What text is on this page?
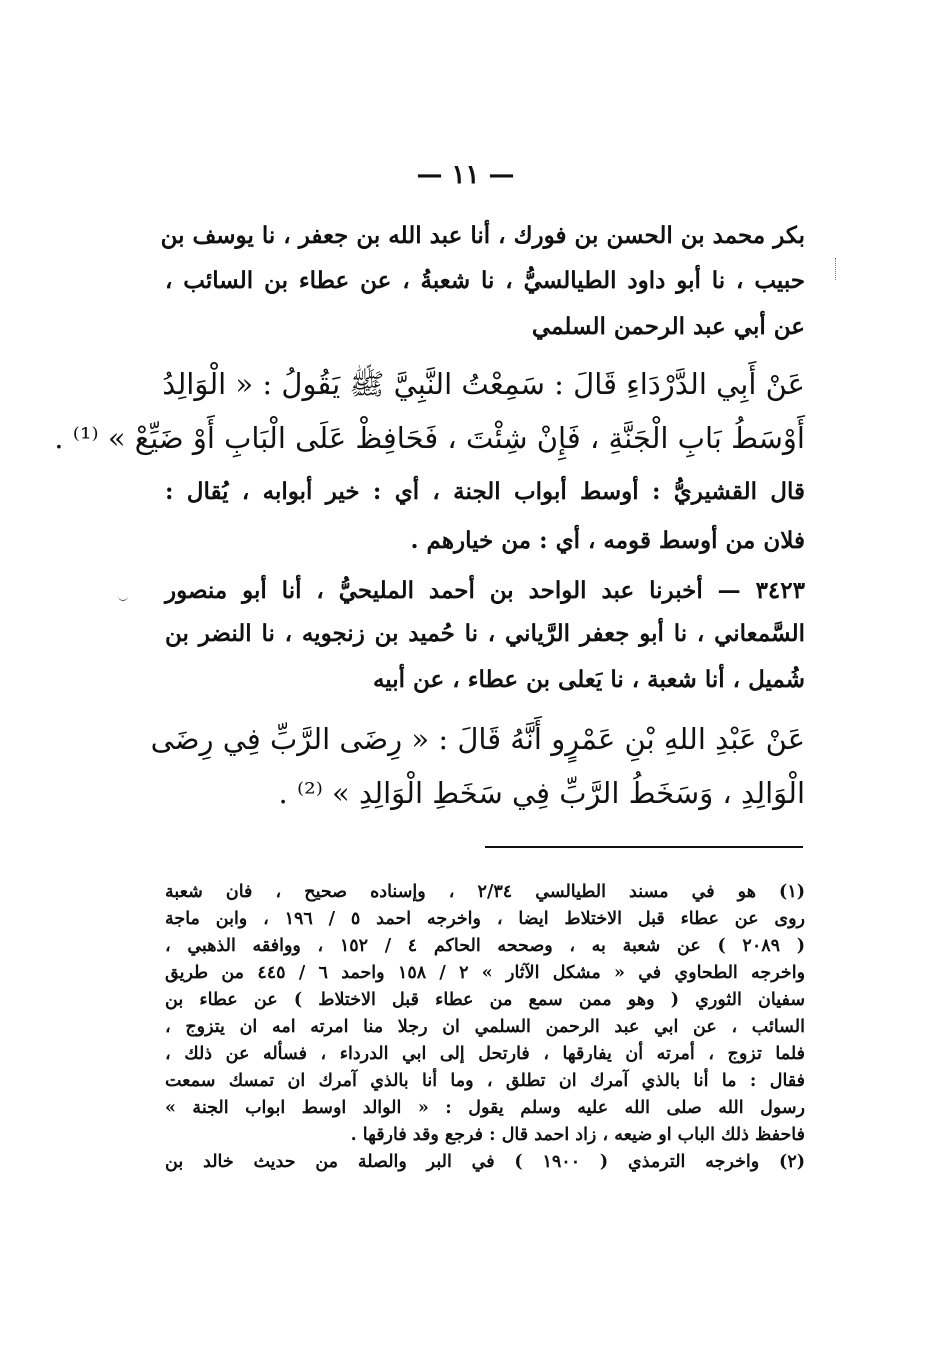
— ١١ —
بكر محمد بن الحسن بن فورك ، أنا عبد الله بن جعفر ، نا يوسف بن
حبيب ، نا أبو داود الطيالسيُّ ، نا شعبةُ ، عن عطاء بن السائب ،
عن أبي عبد الرحمن السلمي
عَنْ أَبِي الدَّرْدَاءِ قَالَ : سَمِعْتُ النَّبِيَّ ﷺ يَقُولُ : « الْوَالِدُ
أَوْسَطُ بَابِ الْجَنَّةِ ، فَإِنْ شِئْتَ ، فَحَافِظْ عَلَى الْبَابِ أَوْ ضَيِّعْ » ⁽¹⁾ .
قال القشيريُّ : أوسط أبواب الجنة ، أي : خير أبوابه ، يُقال :
فلان من أوسط قومه ، أي : من خيارهم .
٣٤٢٣ — أخبرنا عبد الواحد بن أحمد المليحيُّ ، أنا أبو منصور
السَّمعاني ، نا أبو جعفر الرَّياني ، نا حُميد بن زنجويه ، نا النضر بن
شُميل ، أنا شعبة ، نا يَعلى بن عطاء ، عن أبيه
عَنْ عَبْدِ اللهِ بْنِ عَمْرٍو أَنَّهُ قَالَ : « رِضَى الرَّبِّ فِي رِضَى
الْوَالِدِ ، وَسَخَطُ الرَّبِّ فِي سَخَطِ الْوَالِدِ » ⁽²⁾ .
(١) هو في مسند الطيالسي ٢/٣٤ ، وإسناده صحيح ، فان شعبة
روى عن عطاء قبل الاختلاط ايضا ، واخرجه احمد ٥ / ١٩٦ ، وابن ماجة
( ٢٠٨٩ ) عن شعبة به ، وصححه الحاكم ٤ / ١٥٢ ، ووافقه الذهبي ،
واخرجه الطحاوي في « مشكل الآثار » ٢ / ١٥٨ واحمد ٦ / ٤٤٥ من طريق
سفيان الثوري ( وهو ممن سمع من عطاء قبل الاختلاط ) عن عطاء بن
السائب ، عن ابي عبد الرحمن السلمي ان رجلا منا امرته امه ان يتزوج ،
فلما تزوج ، أمرته أن يفارقها ، فارتحل إلى ابي الدرداء ، فسأله عن ذلك ،
فقال : ما أنا بالذي آمرك ان تطلق ، وما أنا بالذي آمرك ان تمسك سمعت
رسول الله صلى الله عليه وسلم يقول : « الوالد اوسط ابواب الجنة »
فاحفظ ذلك الباب او ضيعه ، زاد احمد قال : فرجع وقد فارقها .
(٢) واخرجه الترمذي ( ١٩٠٠ ) في البر والصلة من حديث خالد بن
